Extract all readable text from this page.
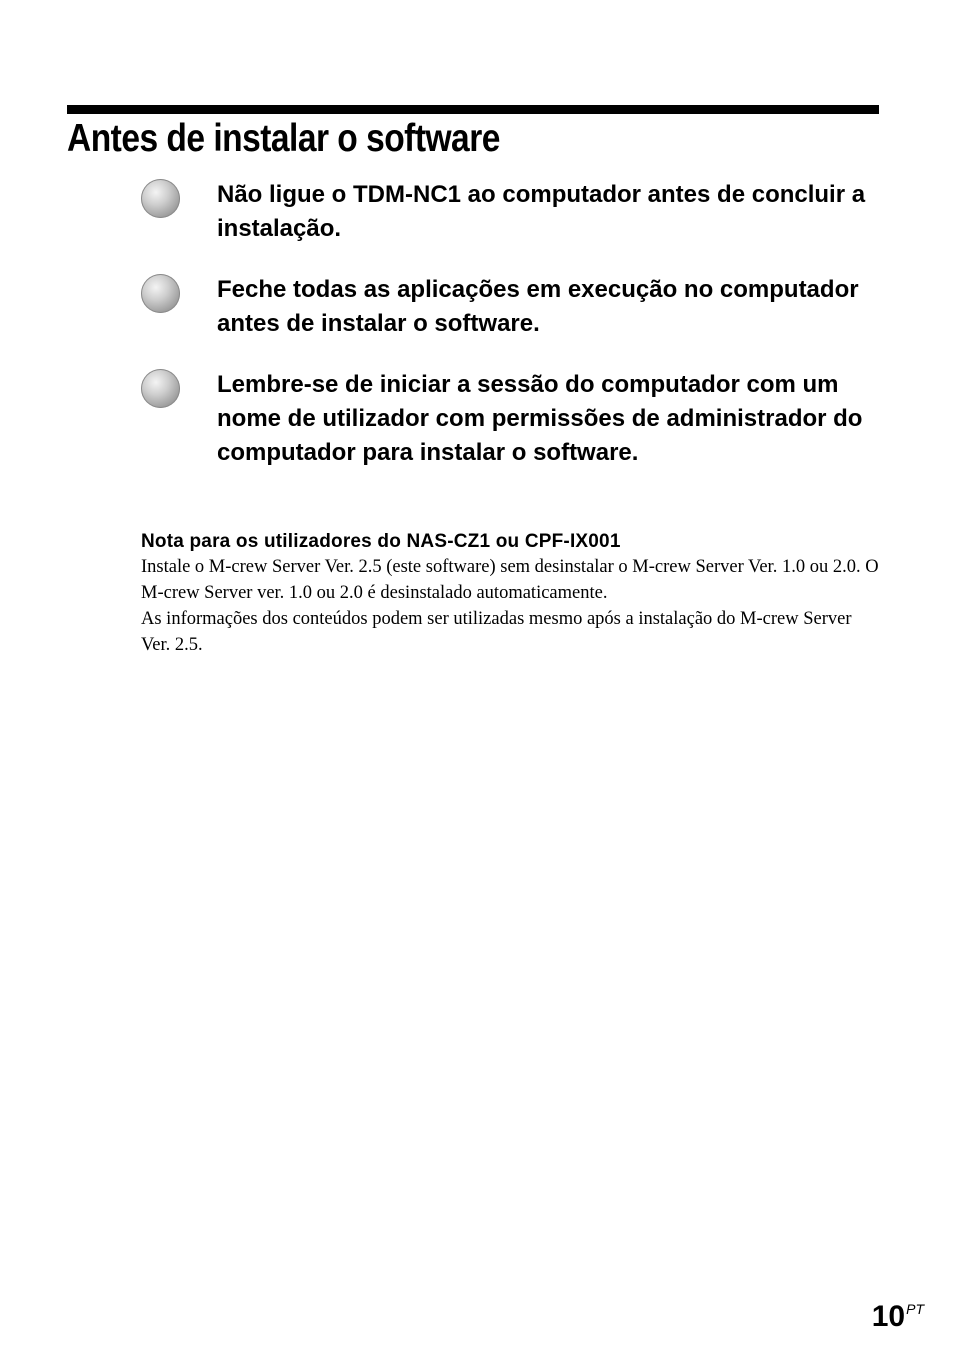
Antes de instalar o software

Não ligue o TDM-NC1 ao computador antes de concluir a instalação.

Feche todas as aplicações em execução no computador antes de instalar o software.

Lembre-se de iniciar a sessão do computador com um nome de utilizador com permissões de administrador do computador para instalar o software.

Nota para os utilizadores do NAS-CZ1 ou CPF-IX001

Instale o M-crew Server Ver. 2.5 (este software) sem desinstalar o M-crew Server Ver. 1.0 ou 2.0. O M-crew Server ver. 1.0 ou 2.0 é desinstalado automaticamente.

As informações dos conteúdos podem ser utilizadas mesmo após a instalação do M-crew Server Ver. 2.5.

10PT
